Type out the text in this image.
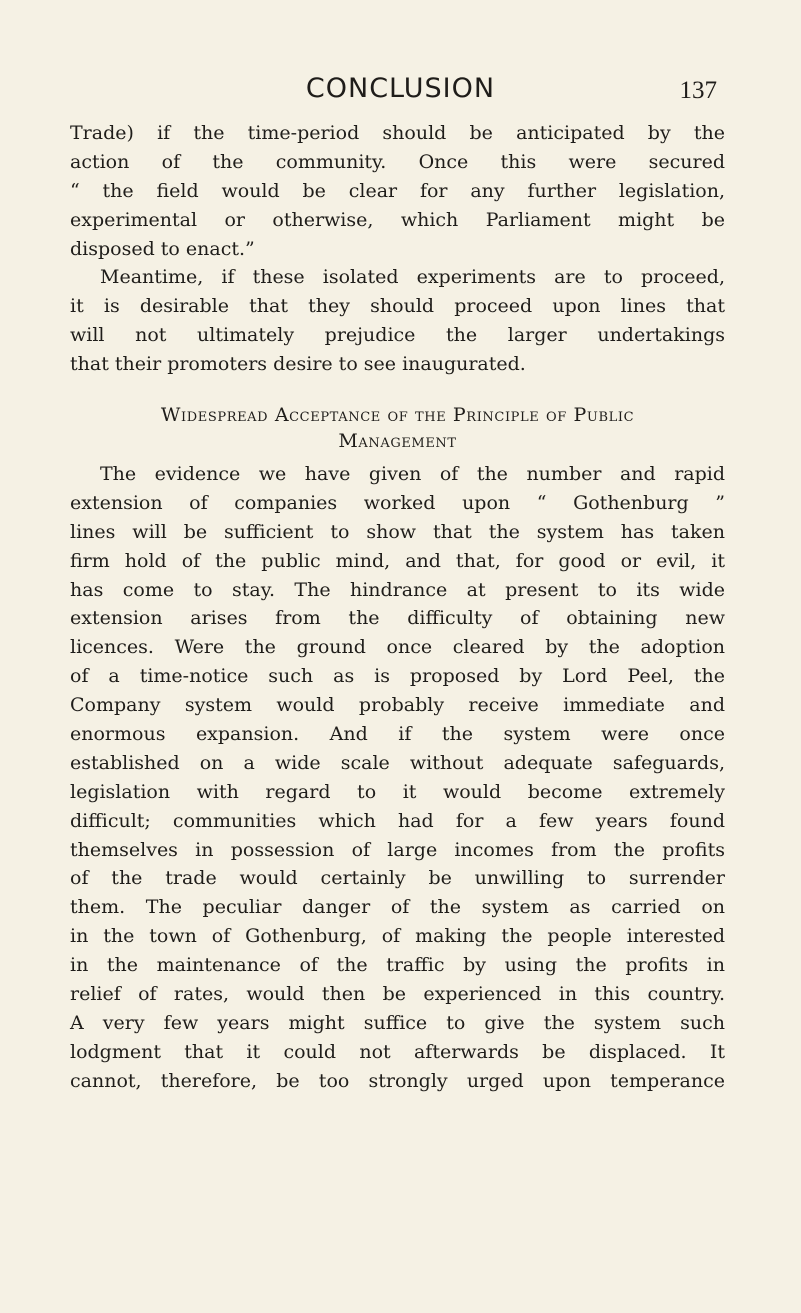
CONCLUSION	137
Trade) if the time-period should be anticipated by the
action of the community. Once this were secured
“ the field would be clear for any further legislation,
experimental or otherwise, which Parliament might be
disposed to enact.”
Meantime, if these isolated experiments are to proceed,
it is desirable that they should proceed upon lines that
will not ultimately prejudice the larger undertakings
that their promoters desire to see inaugurated.
Widespread Acceptance of the Principle of Public
Management
The evidence we have given of the number and rapid
extension of companies worked upon “ Gothenburg ”
lines will be sufficient to show that the system has taken
firm hold of the public mind, and that, for good or evil, it
has come to stay. The hindrance at present to its wide
extension arises from the difficulty of obtaining new
licences. Were the ground once cleared by the adoption
of a time-notice such as is proposed by Lord Peel, the
Company system would probably receive immediate and
enormous expansion. And if the system were once
established on a wide scale without adequate safeguards,
legislation with regard to it would become extremely
difficult; communities which had for a few years found
themselves in possession of large incomes from the profits
of the trade would certainly be unwilling to surrender
them. The peculiar danger of the system as carried on
in the town of Gothenburg, of making the people interested
in the maintenance of the traffic by using the profits in
relief of rates, would then be experienced in this country.
A very few years might suffice to give the system such
lodgment that it could not afterwards be displaced. It
cannot, therefore, be too strongly urged upon temperance
